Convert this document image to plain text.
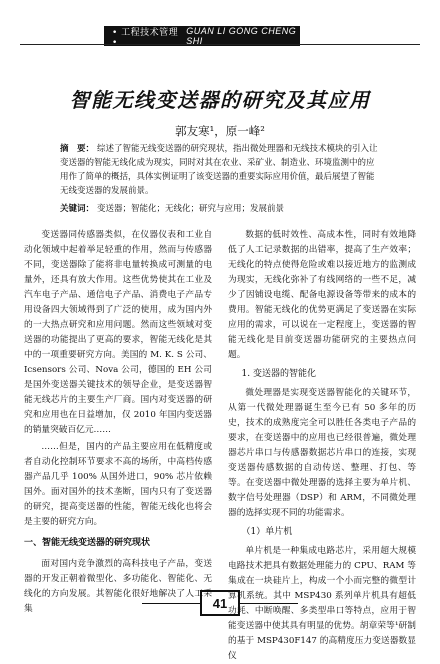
• 工程技术管理 •
GUAN LI GONG CHENG SHI
智能无线变送器的研究及其应用
郭友寒¹，原一峰²
摘　要： 综述了智能无线变送器的研究现状，指出微处理器和无线技术模块的引入让变送器的智能无线化成为现实，同时对其在农业、采矿业、制造业、环境监测中的应用作了简单的概括，具体实例证明了该变送器的重要实际应用价值，最后展望了智能无线变送器的发展前景。
关键词： 变送器；智能化；无线化；研究与应用；发展前景

变送器同传感器类似，在仪器仪表和工业自动化领域中起着举足轻重的作用，然而与传感器不同，变送器除了能将非电量转换成可测量的电量外，还具有放大作用。这些优势使其在工业及汽车电子产品、通信电子产品、消费电子产品专用设备四大领域得到了广泛的使用，成为国内外的一大热点研究和应用问题。然而这些领域对变送器的功能提出了更高的要求，智能无线化是其中的一项重要研究方向。美国的 M. K. S 公司、Icsensors 公司、Nova 公司，德国的 EH 公司是国外变送器关键技术的领导企业，是变送器智能无线芯片的主要生产厂商。国内对变送器的研究和应用也在日益增加，仅 2010 年国内变送器的销量突破百亿元……

……但是，国内的产品主要应用在低精度或者自动化控制环节要求不高的场所，中高档传感器产品几乎 100% 从国外进口，90% 芯片依赖国外。面对国外的技术垄断，国内只有了变送器的研究，提高变送器的性能，智能无线化也将会是主要的研究方向。

一、智能无线变送器的研究现状

面对国内竞争激烈的高科技电子产品，变送器的开发正朝着微型化、多功能化、智能化、无线化的方向发展。其智能化很好地解决了人工采集

数据的低时效性、高成本性，同时有效地降低了人工记录数据的出错率，提高了生产效率；无线化的特点使得危险或难以接近地方的监测成为现实，无线化弥补了有线网络的一些不足，减少了因铺设电缆、配备电源设备等带来的成本的费用。智能无线化的优势更满足了变送器在实际应用的需求，可以说在一定程度上，变送器的智能无线化是目前变送器功能研究的主要热点问题。

1. 变送器的智能化

微处理器是实现变送器智能化的关键环节，从第一代微处理器诞生至今已有 50 多年的历史，技术的成熟度完全可以胜任各类电子产品的要求，在变送器中的应用也已经很普遍，微处理器芯片串口与传感器数据芯片串口的连接，实现变送器传感数据的自动传送、整理、打包、等等。在变送器中微处理器的选择主要为单片机、数字信号处理器（DSP）和 ARM，不同微处理器的选择实现不同的功能需求。

（1）单片机

单片机是一种集成电路芯片，采用超大规模电路技术把具有数据处理能力的 CPU、RAM 等集成在一块硅片上，构成一个小而完整的微型计算机系统。其中 MSP430 系列单片机具有超低功耗、中断唤醒、多类型串口等特点，应用于智能变送器中使其具有明显的优势。胡章荣等¹研制的基于 MSP430F147 的高精度压力变送器数显仪

41
